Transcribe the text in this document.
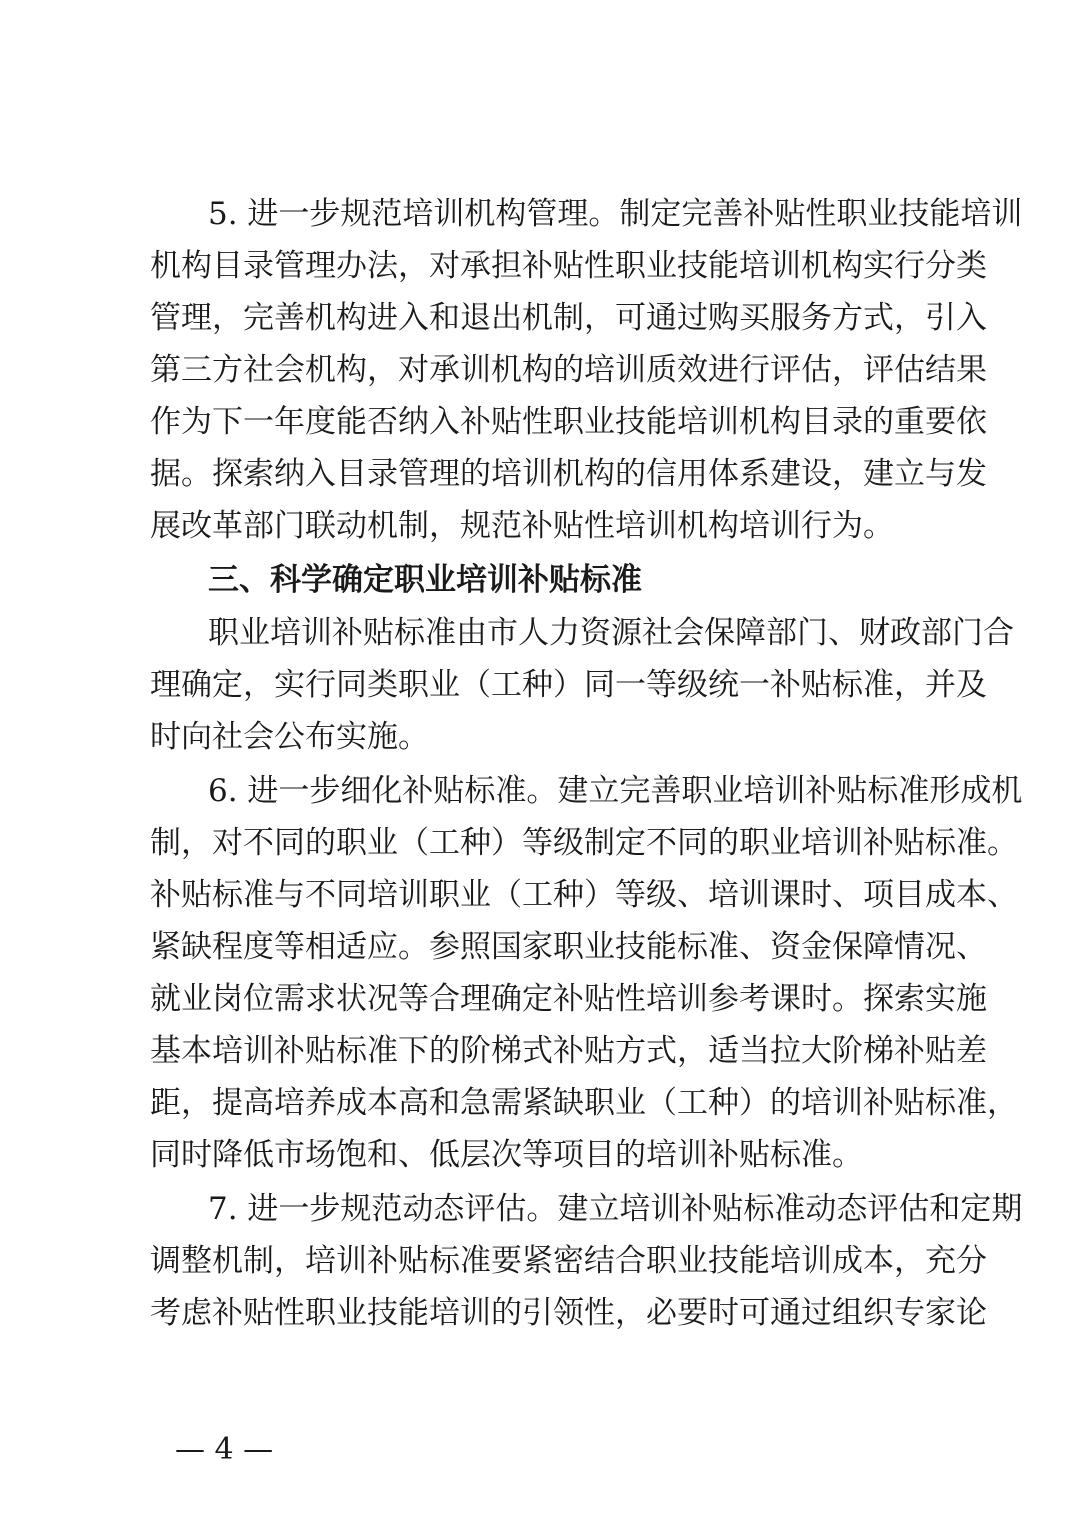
5. 进一步规范培训机构管理。制定完善补贴性职业技能培训
机构目录管理办法，对承担补贴性职业技能培训机构实行分类
管理，完善机构进入和退出机制，可通过购买服务方式，引入
第三方社会机构，对承训机构的培训质效进行评估，评估结果
作为下一年度能否纳入补贴性职业技能培训机构目录的重要依
据。探索纳入目录管理的培训机构的信用体系建设，建立与发
展改革部门联动机制，规范补贴性培训机构培训行为。
三、科学确定职业培训补贴标准
职业培训补贴标准由市人力资源社会保障部门、财政部门合
理确定，实行同类职业（工种）同一等级统一补贴标准，并及
时向社会公布实施。
6. 进一步细化补贴标准。建立完善职业培训补贴标准形成机
制，对不同的职业（工种）等级制定不同的职业培训补贴标准。
补贴标准与不同培训职业（工种）等级、培训课时、项目成本、
紧缺程度等相适应。参照国家职业技能标准、资金保障情况、
就业岗位需求状况等合理确定补贴性培训参考课时。探索实施
基本培训补贴标准下的阶梯式补贴方式，适当拉大阶梯补贴差
距，提高培养成本高和急需紧缺职业（工种）的培训补贴标准，
同时降低市场饱和、低层次等项目的培训补贴标准。
7. 进一步规范动态评估。建立培训补贴标准动态评估和定期
调整机制，培训补贴标准要紧密结合职业技能培训成本，充分
考虑补贴性职业技能培训的引领性，必要时可通过组织专家论
— 4 —
